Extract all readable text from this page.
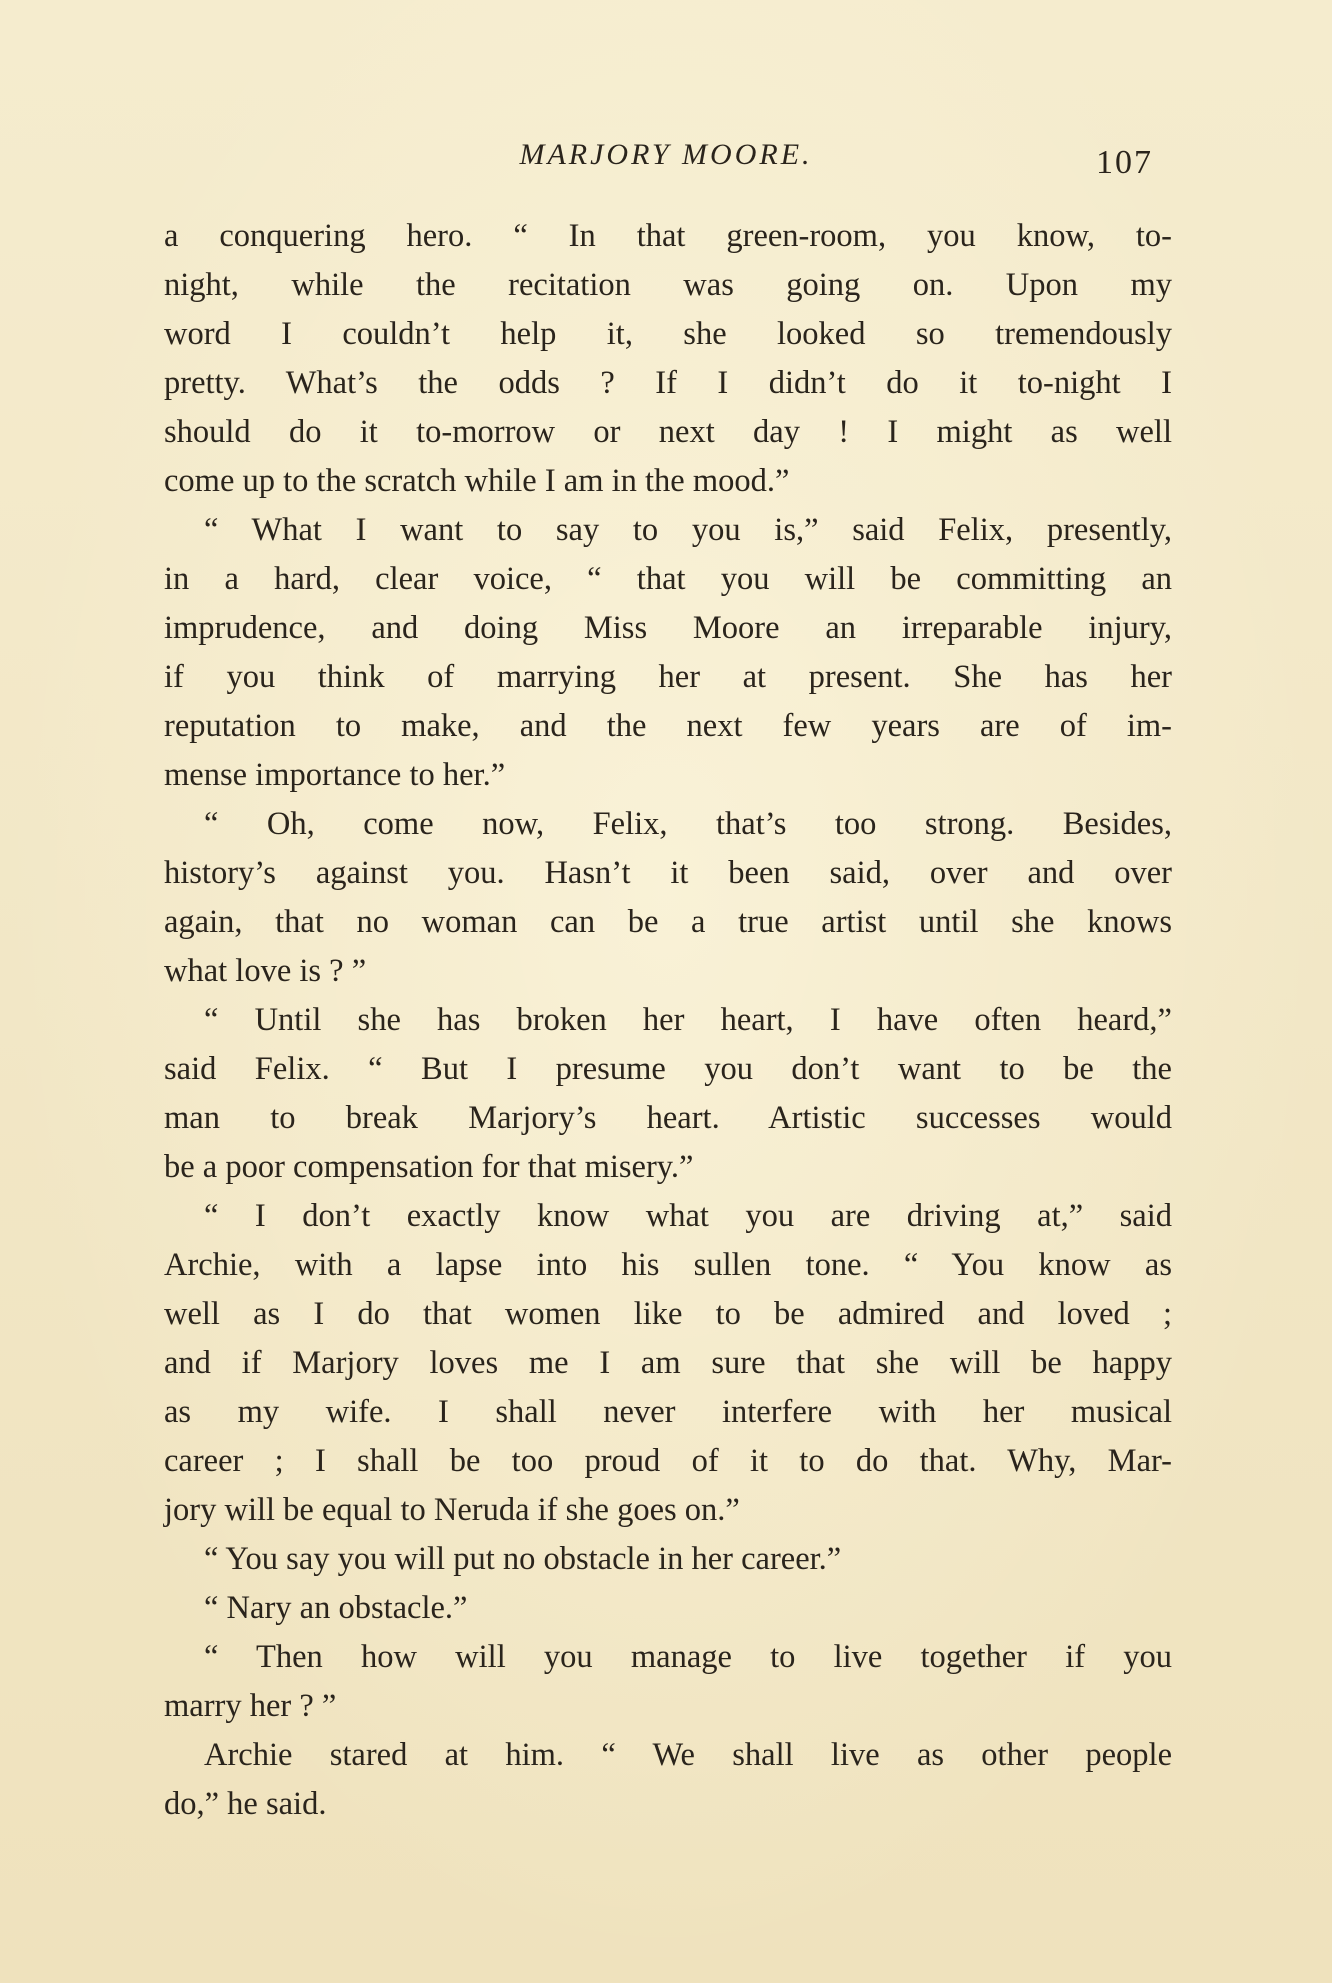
MARJORY MOORE.	107
a conquering hero. “ In that green-room, you know, to-
night, while the recitation was going on. Upon my
word I couldn’t help it, she looked so tremendously
pretty. What’s the odds ? If I didn’t do it to-night I
should do it to-morrow or next day ! I might as well
come up to the scratch while I am in the mood.”
“ What I want to say to you is,” said Felix, presently,
in a hard, clear voice, “ that you will be committing an
imprudence, and doing Miss Moore an irreparable injury,
if you think of marrying her at present. She has her
reputation to make, and the next few years are of im-
mense importance to her.”
“ Oh, come now, Felix, that’s too strong. Besides,
history’s against you. Hasn’t it been said, over and over
again, that no woman can be a true artist until she knows
what love is ? ”
“ Until she has broken her heart, I have often heard,”
said Felix. “ But I presume you don’t want to be the
man to break Marjory’s heart. Artistic successes would
be a poor compensation for that misery.”
“ I don’t exactly know what you are driving at,” said
Archie, with a lapse into his sullen tone. “ You know as
well as I do that women like to be admired and loved ;
and if Marjory loves me I am sure that she will be happy
as my wife. I shall never interfere with her musical
career ; I shall be too proud of it to do that. Why, Mar-
jory will be equal to Neruda if she goes on.”
“ You say you will put no obstacle in her career.”
“ Nary an obstacle.”
“ Then how will you manage to live together if you
marry her ? ”
Archie stared at him. “ We shall live as other people
do,” he said.
